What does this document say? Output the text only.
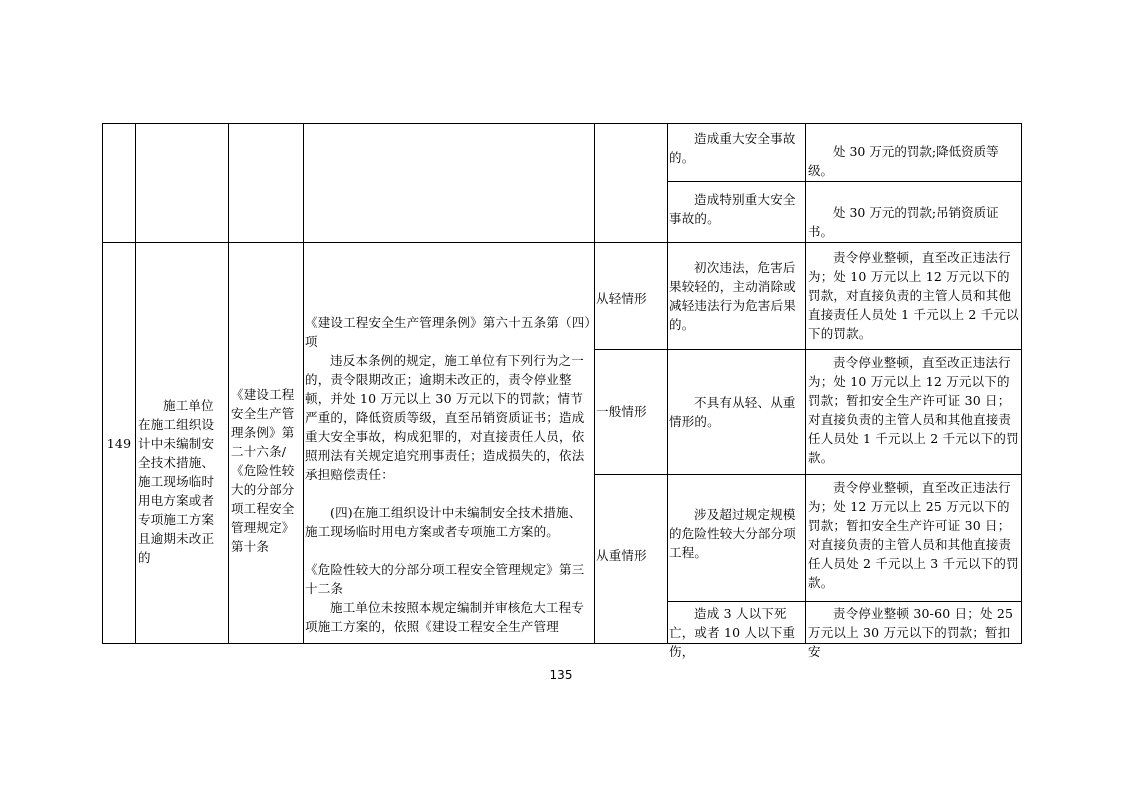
造成重大安全事故的。	处 30 万元的罚款;降低资质等级。
造成特别重大安全事故的。	处 30 万元的罚款;吊销资质证书。
149
施工单位在施工组织设计中未编制安全技术措施、施工现场临时用电方案或者专项施工方案且逾期未改正的
《建设工程安全生产管理条例》第二十六条/《危险性较大的分部分项工程安全管理规定》第十条
《建设工程安全生产管理条例》第六十五条第（四）项
违反本条例的规定，施工单位有下列行为之一的，责令限期改正；逾期未改正的，责令停业整顿，并处 10 万元以上 30 万元以下的罚款；情节严重的，降低资质等级，直至吊销资质证书；造成重大安全事故，构成犯罪的，对直接责任人员，依照刑法有关规定追究刑事责任；造成损失的，依法承担赔偿责任：
(四)在施工组织设计中未编制安全技术措施、施工现场临时用电方案或者专项施工方案的。
《危险性较大的分部分项工程安全管理规定》第三十二条
施工单位未按照本规定编制并审核危大工程专项施工方案的，依照《建设工程安全生产管理
从轻情形
初次违法，危害后果较轻的，主动消除或减轻违法行为危害后果的。
责令停业整顿，直至改正违法行为；处 10 万元以上 12 万元以下的罚款，对直接负责的主管人员和其他直接责任人员处 1 千元以上 2 千元以下的罚款。
一般情形
不具有从轻、从重情形的。
责令停业整顿，直至改正违法行为；处 10 万元以上 12 万元以下的罚款；暂扣安全生产许可证 30 日；对直接负责的主管人员和其他直接责任人员处 1 千元以上 2 千元以下的罚款。
从重情形
涉及超过规定规模的危险性较大分部分项工程。
责令停业整顿，直至改正违法行为；处 12 万元以上 25 万元以下的罚款；暂扣安全生产许可证 30 日；对直接负责的主管人员和其他直接责任人员处 2 千元以上 3 千元以下的罚款。
造成 3 人以下死亡，或者 10 人以下重伤，
责令停业整顿 30-60 日；处 25 万元以上 30 万元以下的罚款；暂扣安
135
